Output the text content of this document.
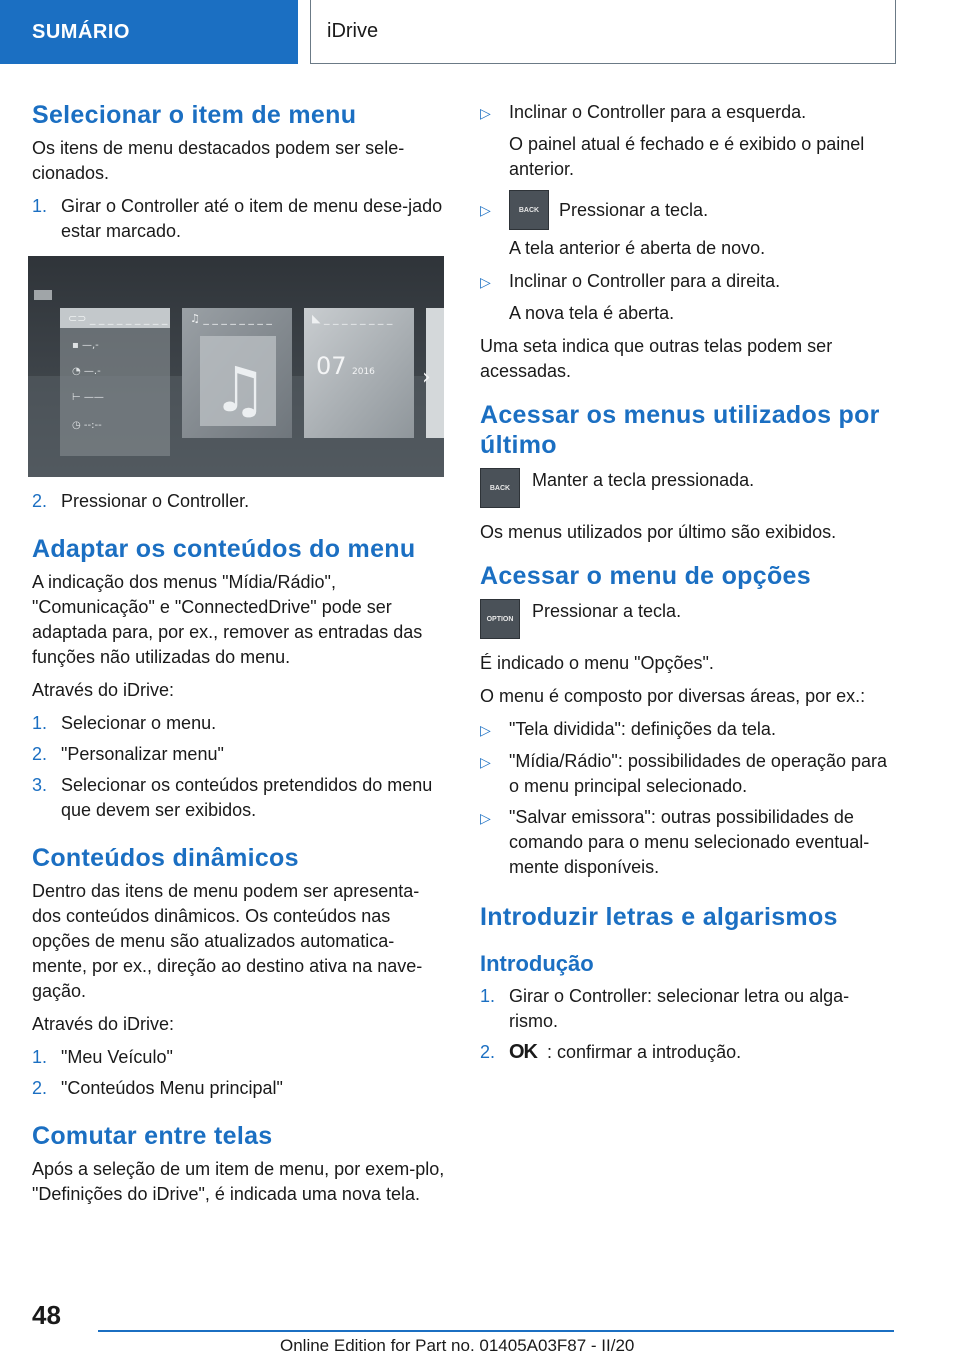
SUMÁRIO	iDrive
Selecionar o item de menu

Os itens de menu destacados podem ser sele-cionados.

1. Girar o Controller até o item de menu dese-jado estar marcado.
⊂⊃ _ _ _ _ _ _ _ _ _
▪ —,-
◔ —.-
⊢ ——
◷ --:--
♫ _ _ _ _ _ _ _ _
♫
◣ _ _ _ _ _ _ _ _
07 2016 ›
2. Pressionar o Controller.
Adaptar os conteúdos do menu

A indicação dos menus "Mídia/Rádio", "Comunicação" e "ConnectedDrive" pode ser adaptada para, por ex., remover as entradas das funções não utilizadas do menu.

Através do iDrive:

1. Selecionar o menu.
2. "Personalizar menu"
3. Selecionar os conteúdos pretendidos do menu que devem ser exibidos.
Conteúdos dinâmicos

Dentro das itens de menu podem ser apresenta-dos conteúdos dinâmicos. Os conteúdos nas opções de menu são atualizados automatica-mente, por ex., direção ao destino ativa na nave-gação.

Através do iDrive:

1. "Meu Veículo"
2. "Conteúdos Menu principal"
Comutar entre telas

Após a seleção de um item de menu, por exem-plo, "Definições do iDrive", é indicada uma nova tela.

▷	Inclinar o Controller para a esquerda.
O painel atual é fechado e é exibido o painel anterior.
▷	BACK	Pressionar a tecla.
A tela anterior é aberta de novo.
▷	Inclinar o Controller para a direita.
A nova tela é aberta.

Uma seta indica que outras telas podem ser acessadas.

Acessar os menus utilizados por último
BACK	Manter a tecla pressionada.

Os menus utilizados por último são exibidos.

Acessar o menu de opções
OPTION	Pressionar a tecla.

É indicado o menu "Opções".

O menu é composto por diversas áreas, por ex.:

▷	"Tela dividida": definições da tela.
▷	"Mídia/Rádio": possibilidades de operação para o menu principal selecionado.
▷	"Salvar emissora": outras possibilidades de comando para o menu selecionado eventual-mente disponíveis.
Introduzir letras e algarismos
Introdução
1. Girar o Controller: selecionar letra ou alga-rismo.
2. OK : confirmar a introdução.
48
Online Edition for Part no. 01405A03F87 - II/20
